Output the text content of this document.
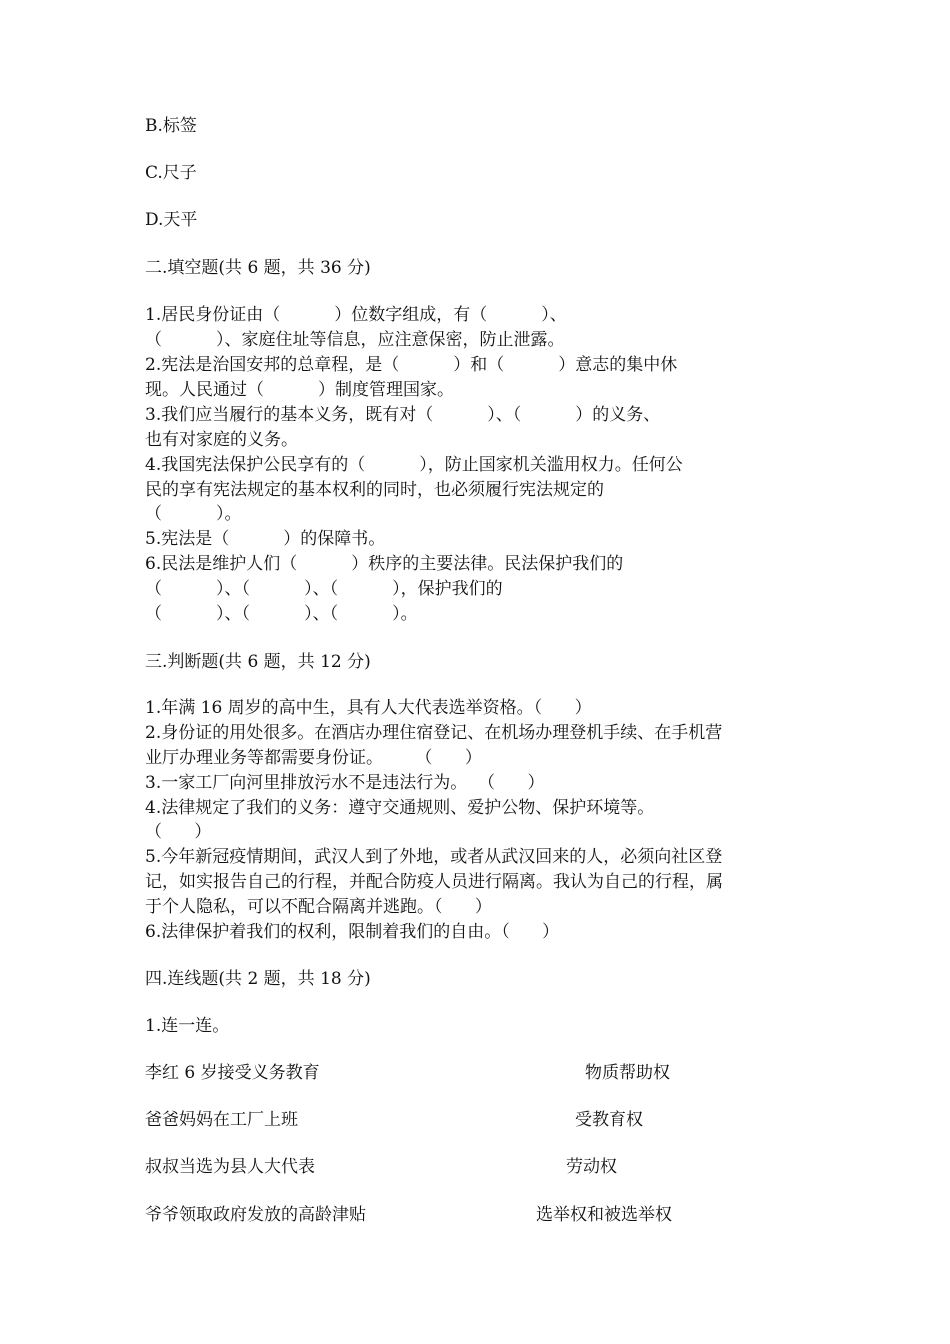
B.标签
C.尺子
D.天平
二.填空题(共 6 题，共 36 分)
1.居民身份证由（          ）位数字组成，有（          ）、
（          ）、家庭住址等信息，应注意保密，防止泄露。
2.宪法是治国安邦的总章程，是（          ）和（          ）意志的集中休
现。人民通过（          ）制度管理国家。
3.我们应当履行的基本义务，既有对（          ）、（          ）的义务、
也有对家庭的义务。
4.我国宪法保护公民享有的（          ），防止国家机关滥用权力。任何公
民的享有宪法规定的基本权利的同时，也必须履行宪法规定的
（          ）。
5.宪法是（          ）的保障书。
6.民法是维护人们（          ）秩序的主要法律。民法保护我们的
（          ）、（          ）、（          ），保护我们的
（          ）、（          ）、（          ）。
三.判断题(共 6 题，共 12 分)
1.年满 16 周岁的高中生，具有人大代表选举资格。（      ）
2.身份证的用处很多。在酒店办理住宿登记、在机场办理登机手续、在手机营
业厅办理业务等都需要身份证。      （      ）
3.一家工厂向河里排放污水不是违法行为。  （      ）
4.法律规定了我们的义务：遵守交通规则、爱护公物、保护环境等。
（      ）
5.今年新冠疫情期间，武汉人到了外地，或者从武汉回来的人，必须向社区登
记，如实报告自己的行程，并配合防疫人员进行隔离。我认为自己的行程，属
于个人隐私，可以不配合隔离并逃跑。（      ）
6.法律保护着我们的权利，限制着我们的自由。（      ）
四.连线题(共 2 题，共 18 分)
1.连一连。
李红 6 岁接受义务教育	物质帮助权
爸爸妈妈在工厂上班	受教育权
叔叔当选为县人大代表	劳动权
爷爷领取政府发放的高龄津贴	选举权和被选举权
